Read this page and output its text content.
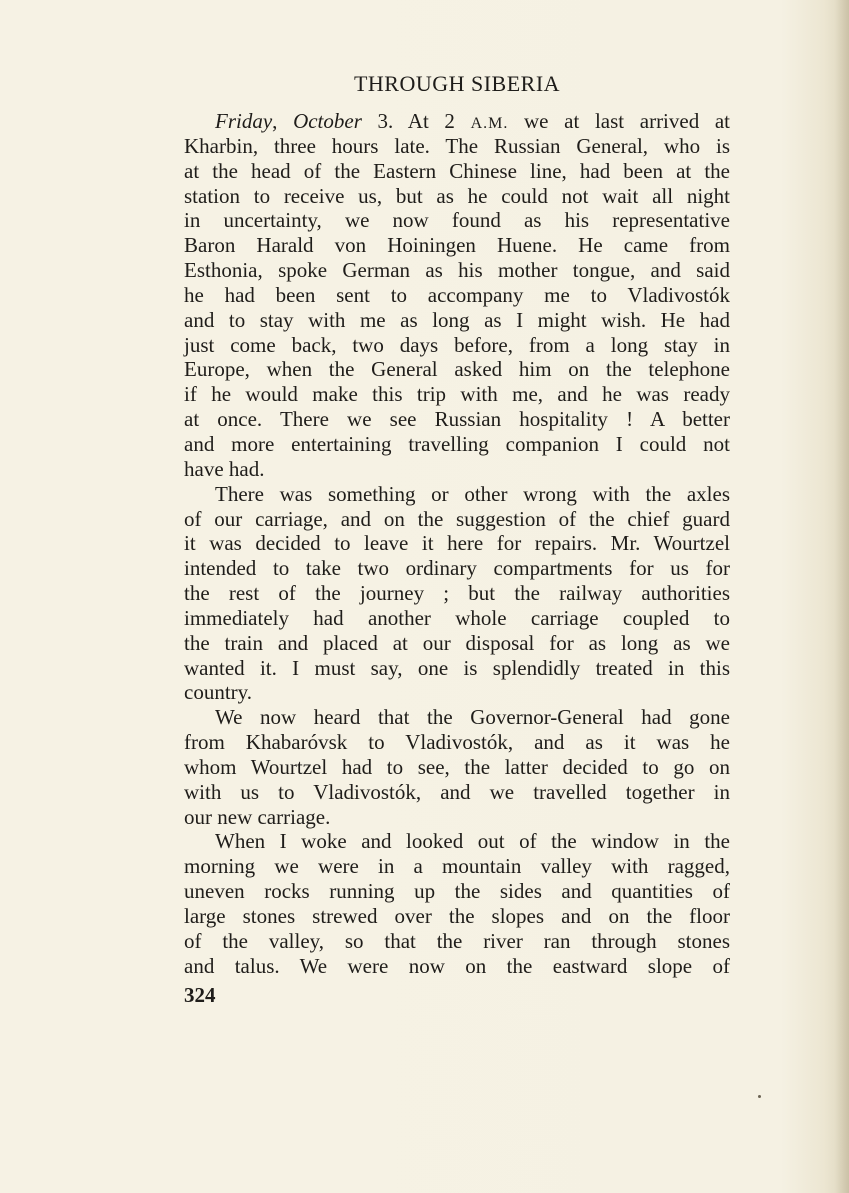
THROUGH SIBERIA
Friday, October 3. At 2 A.M. we at last arrived at
Kharbin, three hours late. The Russian General, who is
at the head of the Eastern Chinese line, had been at the
station to receive us, but as he could not wait all night
in uncertainty, we now found as his representative
Baron Harald von Hoiningen Huene. He came from
Esthonia, spoke German as his mother tongue, and said
he had been sent to accompany me to Vladivostók
and to stay with me as long as I might wish. He had
just come back, two days before, from a long stay in
Europe, when the General asked him on the telephone
if he would make this trip with me, and he was ready
at once. There we see Russian hospitality ! A better
and more entertaining travelling companion I could not
have had.
There was something or other wrong with the axles
of our carriage, and on the suggestion of the chief guard
it was decided to leave it here for repairs. Mr. Wourtzel
intended to take two ordinary compartments for us for
the rest of the journey ; but the railway authorities
immediately had another whole carriage coupled to
the train and placed at our disposal for as long as we
wanted it. I must say, one is splendidly treated in this
country.
We now heard that the Governor-General had gone
from Khabaróvsk to Vladivostók, and as it was he
whom Wourtzel had to see, the latter decided to go on
with us to Vladivostók, and we travelled together in
our new carriage.
When I woke and looked out of the window in the
morning we were in a mountain valley with ragged,
uneven rocks running up the sides and quantities of
large stones strewed over the slopes and on the floor
of the valley, so that the river ran through stones
and talus. We were now on the eastward slope of
324
